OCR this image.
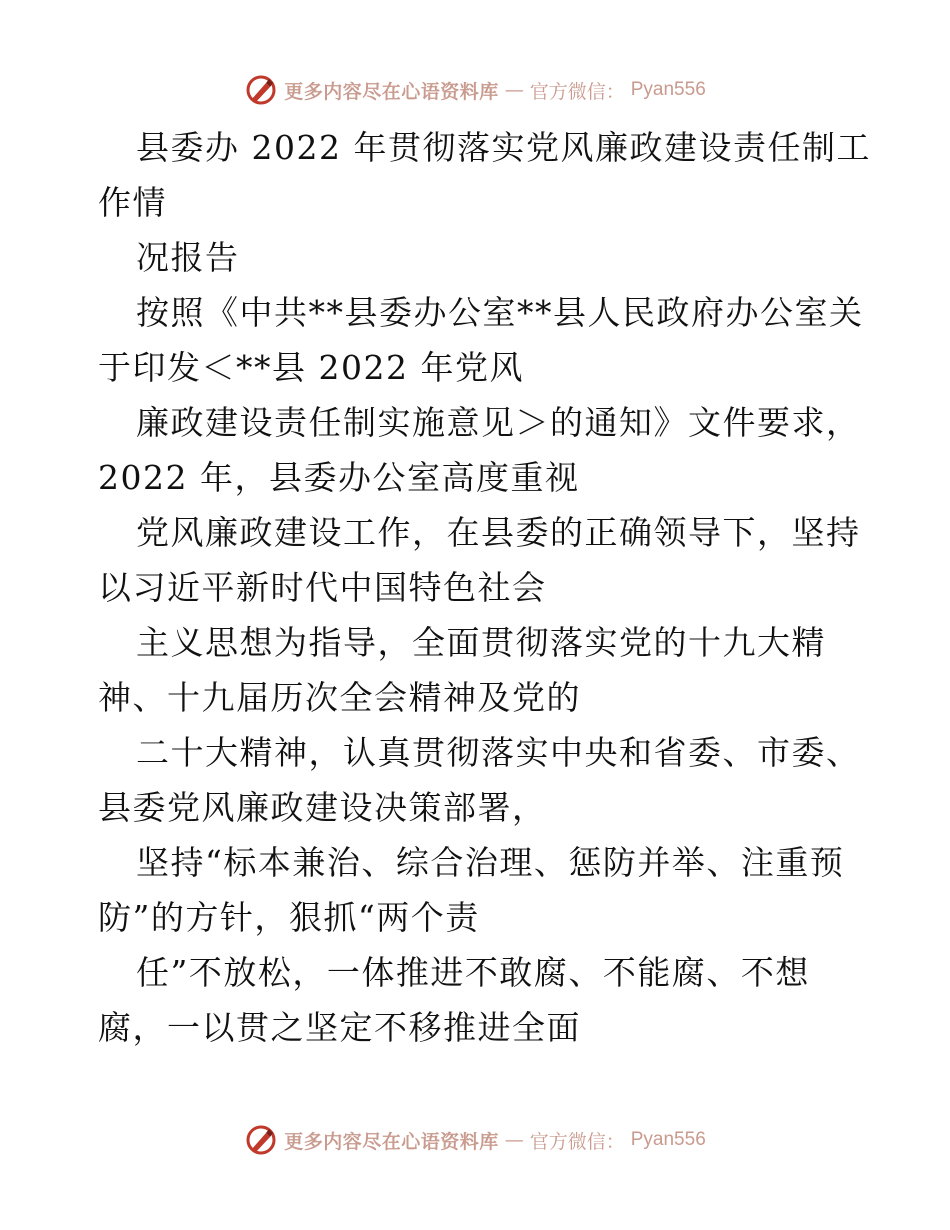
更多内容尽在心语资料库 — 官方微信： Pyan556
县委办 2022 年贯彻落实党风廉政建设责任制工
作情
况报告
按照《中共**县委办公室**县人民政府办公室关
于印发＜**县 2022 年党风
廉政建设责任制实施意见＞的通知》文件要求，
2022 年，县委办公室高度重视
党风廉政建设工作，在县委的正确领导下，坚持
以习近平新时代中国特色社会
主义思想为指导，全面贯彻落实党的十九大精
神、十九届历次全会精神及党的
二十大精神，认真贯彻落实中央和省委、市委、
县委党风廉政建设决策部署，
坚持“标本兼治、综合治理、惩防并举、注重预
防”的方针，狠抓“两个责
任”不放松，一体推进不敢腐、不能腐、不想
腐，一以贯之坚定不移推进全面
更多内容尽在心语资料库 — 官方微信： Pyan556
